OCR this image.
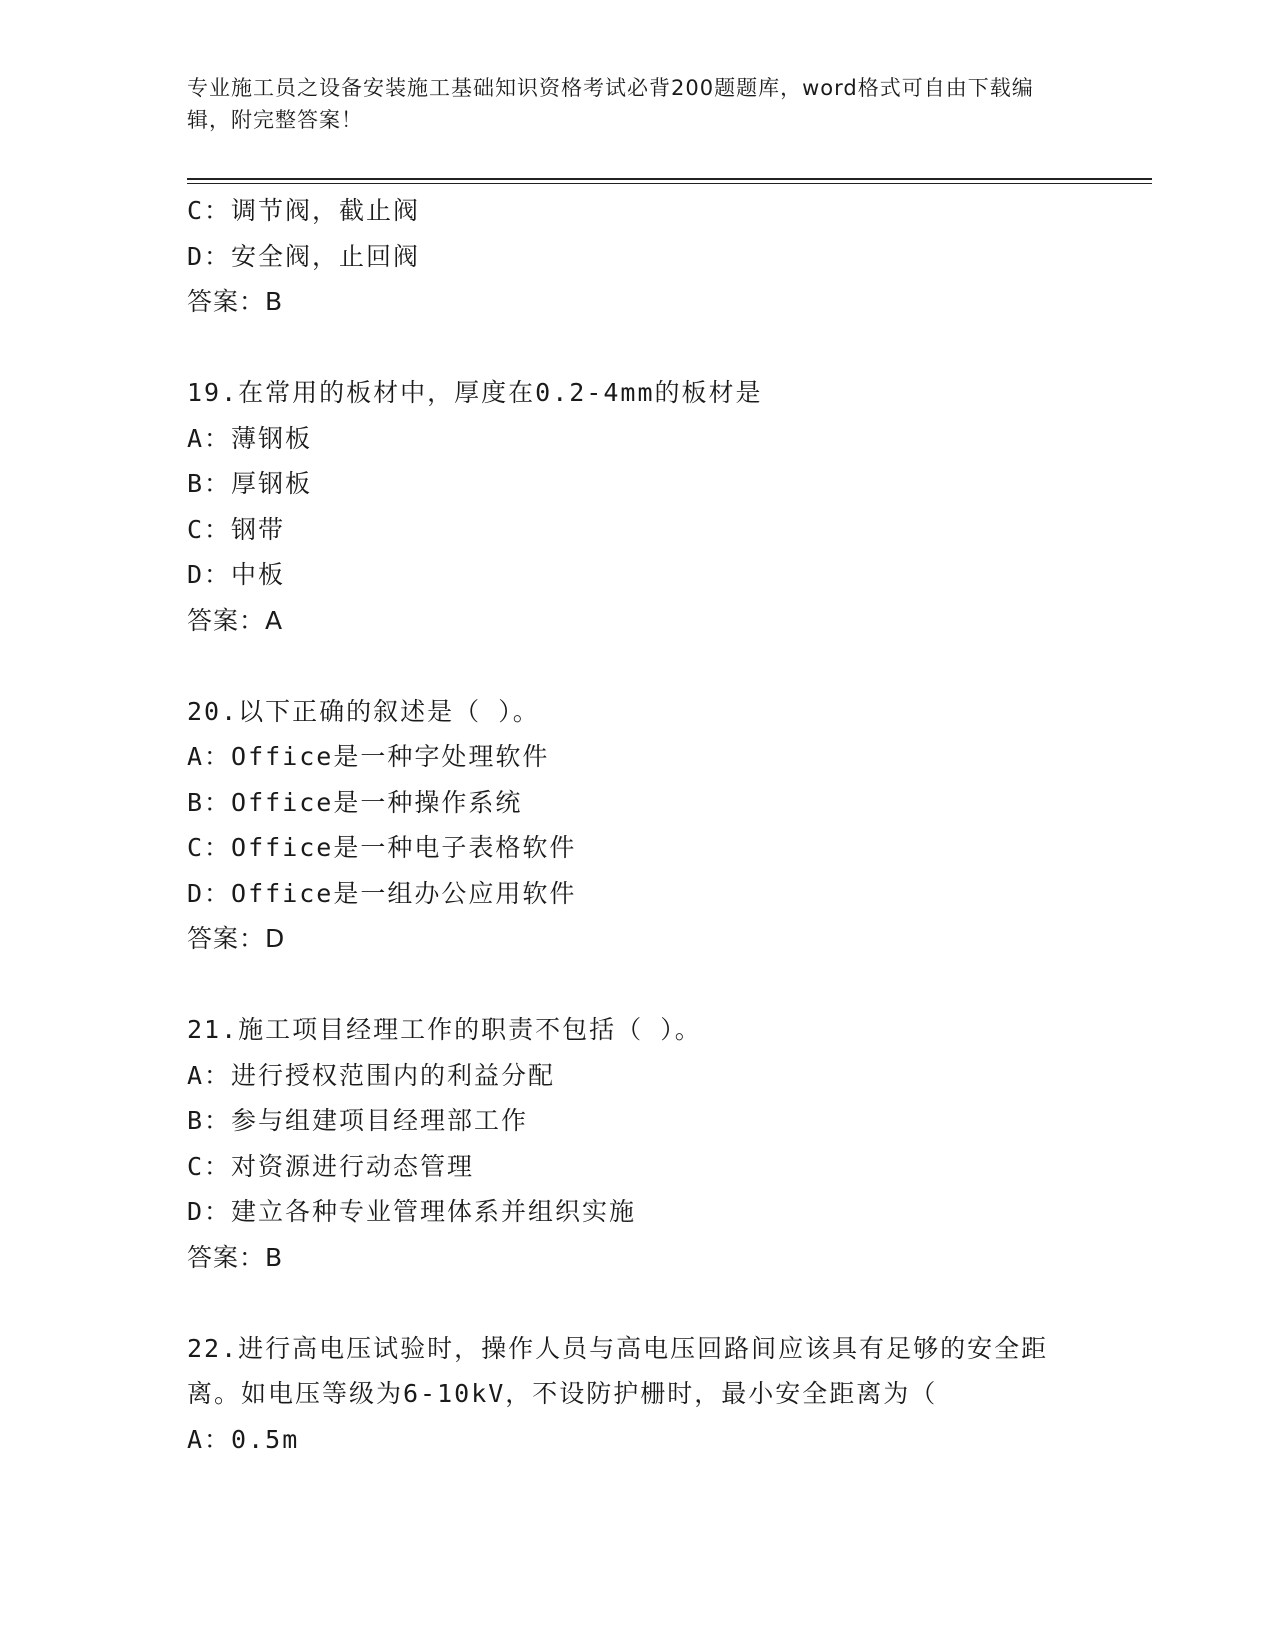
专业施工员之设备安装施工基础知识资格考试必背200题题库，word格式可自由下载编辑，附完整答案！
C：调节阀，截止阀
D：安全阀，止回阀
答案：B
19.在常用的板材中，厚度在0.2-4mm的板材是
A：薄钢板
B：厚钢板
C：钢带
D：中板
答案：A
20.以下正确的叙述是（ ）。
A：Office是一种字处理软件
B：Office是一种操作系统
C：Office是一种电子表格软件
D：Office是一组办公应用软件
答案：D
21.施工项目经理工作的职责不包括（ ）。
A：进行授权范围内的利益分配
B：参与组建项目经理部工作
C：对资源进行动态管理
D：建立各种专业管理体系并组织实施
答案：B
22.进行高电压试验时，操作人员与高电压回路间应该具有足够的安全距离。如电压等级为6-10kV，不设防护栅时，最小安全距离为（
A：0.5m
